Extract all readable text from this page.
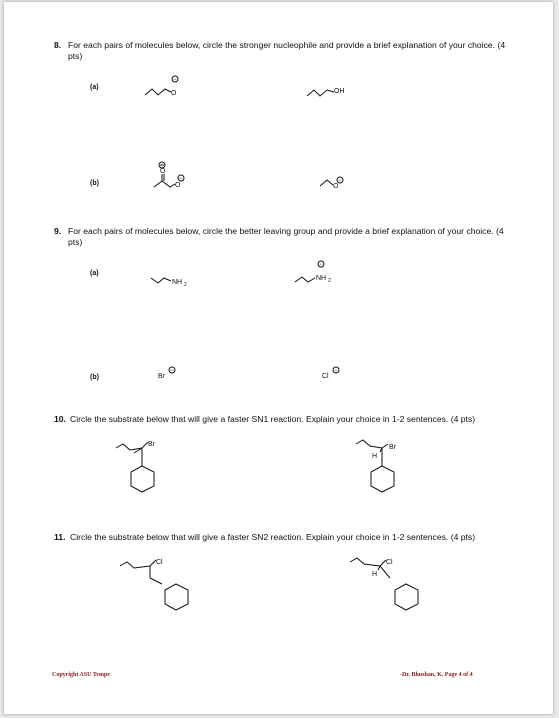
8. For each pairs of molecules below, circle the stronger nucleophile and provide a brief explanation of your choice. (4 pts)
(a)
O
−
OH
(b)
O
O
−
O
−
9. For each pairs of molecules below, circle the better leaving group and provide a brief explanation of your choice. (4 pts)
(a)
NH 2
NH 2
−
(b)	Br
−
Cl
−
10. Circle the substrate below that will give a faster SN1 reaction. Explain your choice in 1-2 sentences. (4 pts)
Br	Br
H
11. Circle the substrate below that will give a faster SN2 reaction. Explain your choice in 1-2 sentences. (4 pts)
Cl	Cl
H
Copyright ASU Tempe	-Dr. Bhushan, K. Page 4 of 4
